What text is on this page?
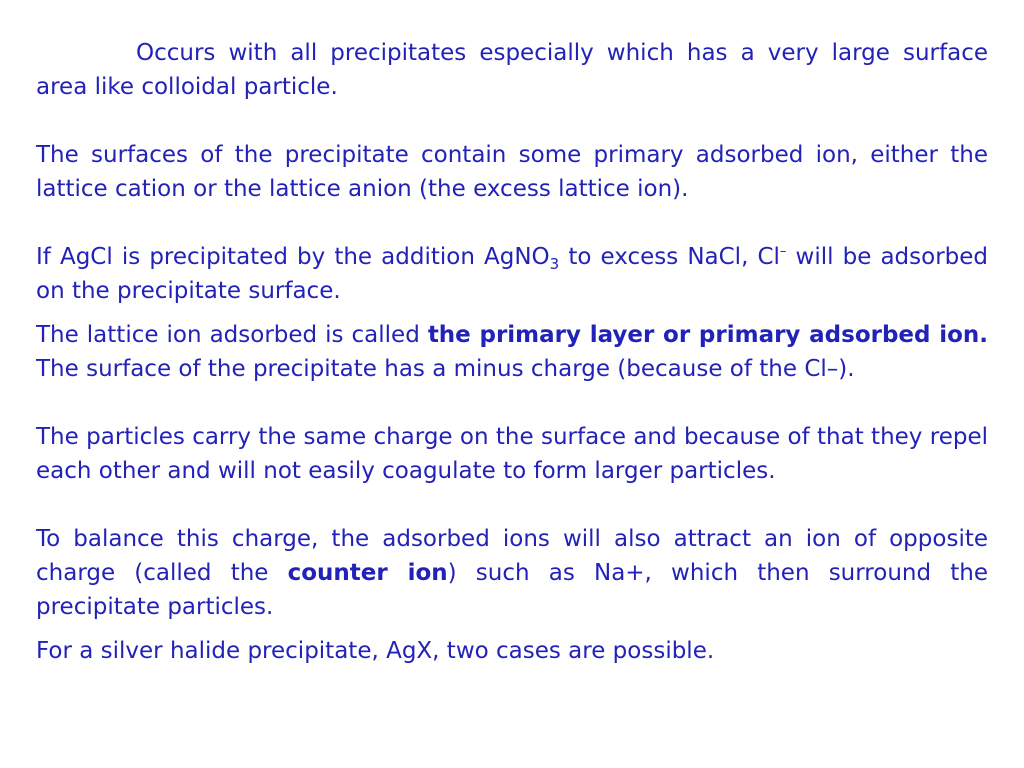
Occurs with all precipitates especially which has a very large surface area like colloidal particle.

The surfaces of the precipitate contain some primary adsorbed ion, either the lattice cation or the lattice anion (the excess lattice ion).

If AgCl is precipitated by the addition AgNO$_3$ to excess NaCl, Cl– will be adsorbed on the precipitate surface.

The lattice ion adsorbed is called the primary layer or primary adsorbed ion. The surface of the precipitate has a minus charge (because of the Cl–).

The particles carry the same charge on the surface and because of that they repel each other and will not easily coagulate to form larger particles.

To balance this charge, the adsorbed ions will also attract an ion of opposite charge (called the counter ion) such as Na+, which then surround the precipitate particles.

For a silver halide precipitate, AgX, two cases are possible.
